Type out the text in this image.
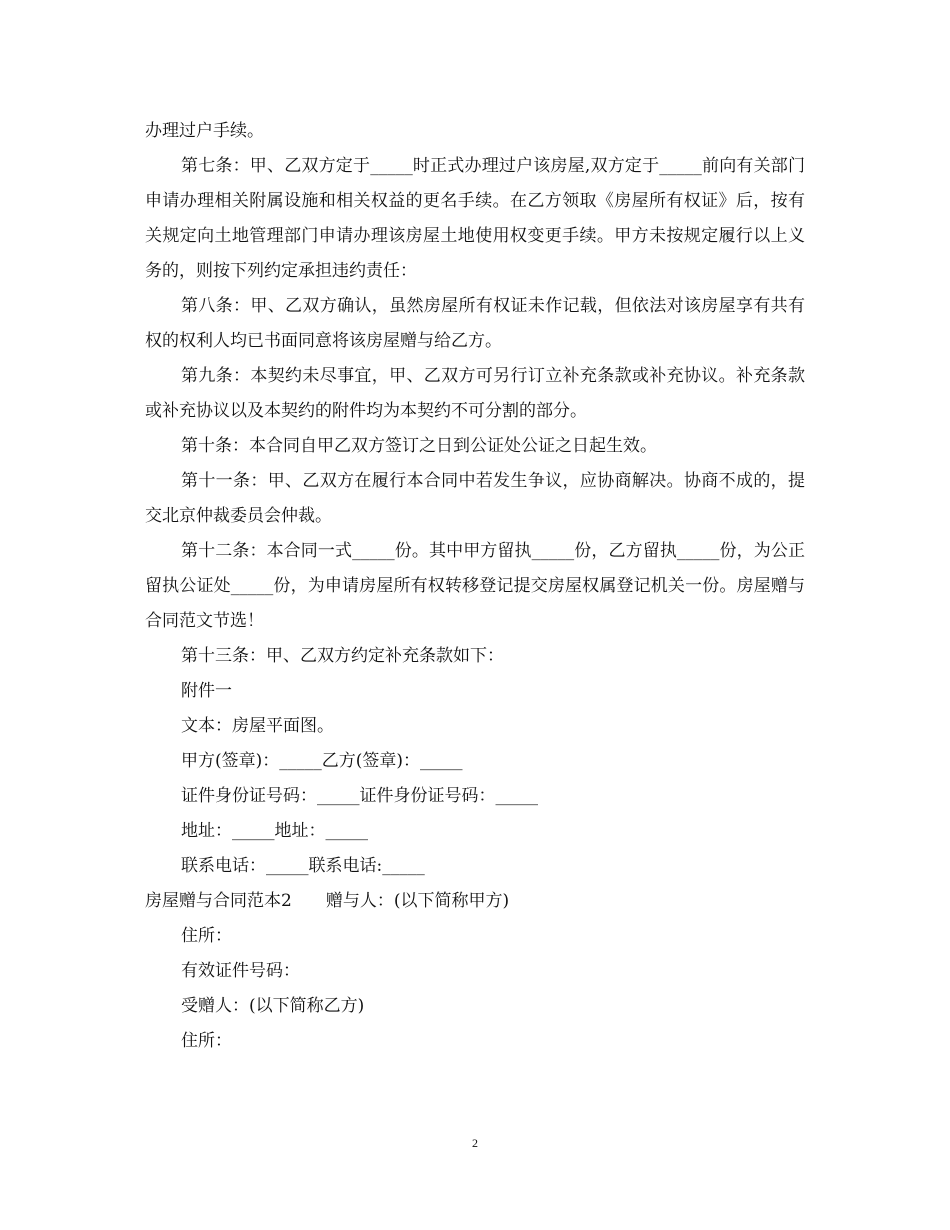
办理过户手续。

第七条：甲、乙双方定于_____时正式办理过户该房屋,双方定于_____前向有关部门申请办理相关附属设施和相关权益的更名手续。在乙方领取《房屋所有权证》后，按有关规定向土地管理部门申请办理该房屋土地使用权变更手续。甲方未按规定履行以上义务的，则按下列约定承担违约责任：

第八条：甲、乙双方确认，虽然房屋所有权证未作记载，但依法对该房屋享有共有权的权利人均已书面同意将该房屋赠与给乙方。

第九条：本契约未尽事宜，甲、乙双方可另行订立补充条款或补充协议。补充条款或补充协议以及本契约的附件均为本契约不可分割的部分。

第十条：本合同自甲乙双方签订之日到公证处公证之日起生效。

第十一条：甲、乙双方在履行本合同中若发生争议，应协商解决。协商不成的，提交北京仲裁委员会仲裁。

第十二条：本合同一式_____份。其中甲方留执_____份，乙方留执_____份，为公正留执公证处_____份，为申请房屋所有权转移登记提交房屋权属登记机关一份。房屋赠与合同范文节选！

第十三条：甲、乙双方约定补充条款如下：

附件一

文本：房屋平面图。

甲方(签章)：_____乙方(签章)：_____

证件身份证号码：_____证件身份证号码：_____

地址：_____地址：_____

联系电话：_____联系电话:_____

房屋赠与合同范本2　　赠与人：(以下简称甲方)

住所：

有效证件号码：

受赠人：(以下简称乙方)

住所：

2
